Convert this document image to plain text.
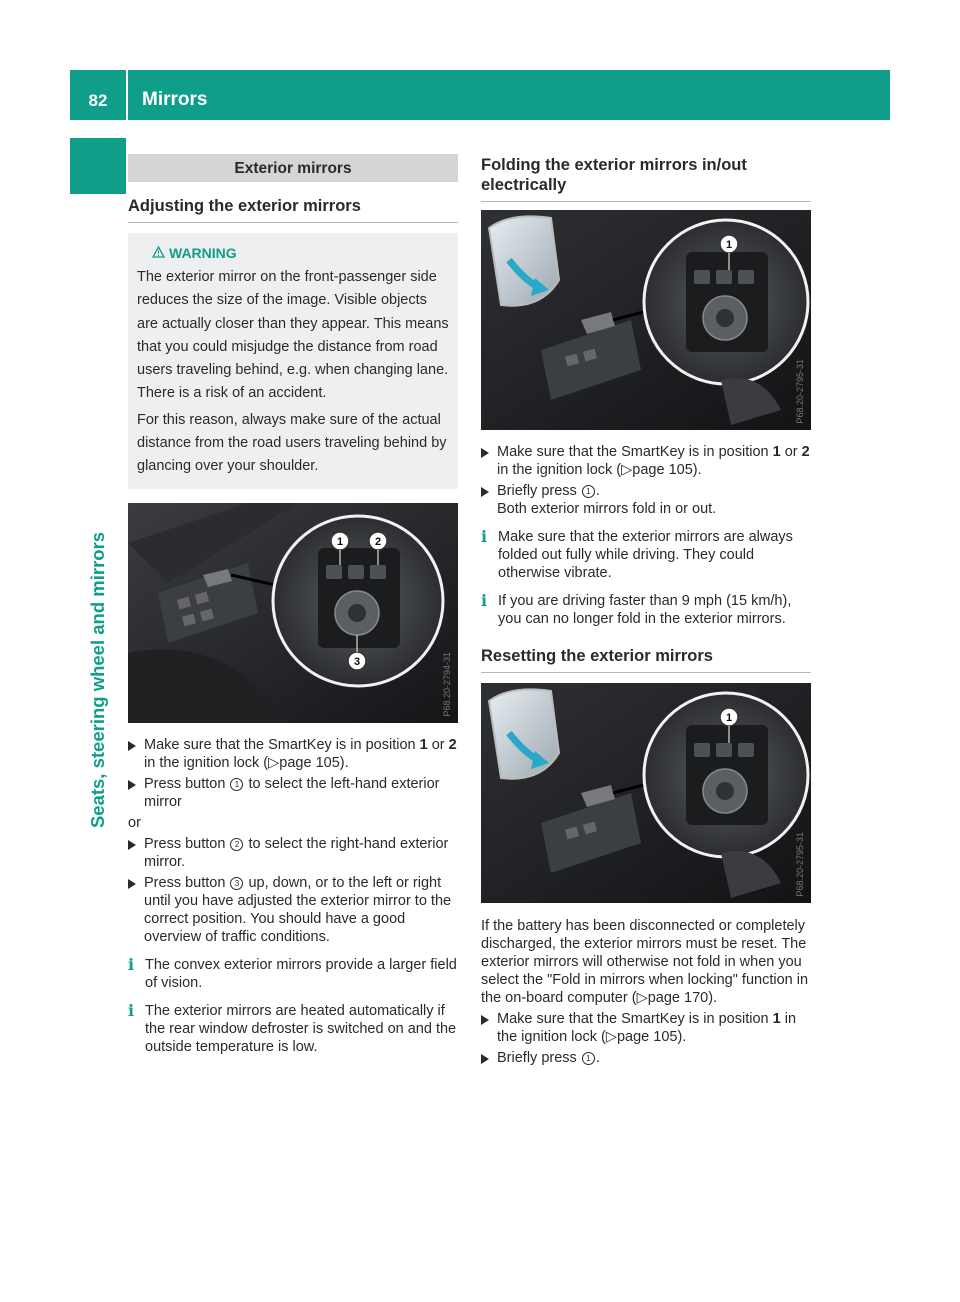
82	Mirrors
Seats, steering wheel and mirrors
Exterior mirrors
Adjusting the exterior mirrors
WARNING

The exterior mirror on the front-passenger side reduces the size of the image. Visible objects are actually closer than they appear. This means that you could misjudge the distance from road users traveling behind, e.g. when changing lane. There is a risk of an accident.

For this reason, always make sure of the actual distance from the road users traveling behind by glancing over your shoulder.

1	2
3	P68.20-2794-31
Make sure that the SmartKey is in position 1 or 2 in the ignition lock (▷page 105).
Press button 1 to select the left-hand exterior mirror
or
Press button 2 to select the right-hand exterior mirror.
Press button 3 up, down, or to the left or right until you have adjusted the exterior mirror to the correct position. You should have a good overview of traffic conditions.
i The convex exterior mirrors provide a larger field of vision.
i The exterior mirrors are heated automatically if the rear window defroster is switched on and the outside temperature is low.
Folding the exterior mirrors in/out electrically
1
P68.20-2795-31
Make sure that the SmartKey is in position 1 or 2 in the ignition lock (▷page 105).
Briefly press 1 .
Both exterior mirrors fold in or out.
i Make sure that the exterior mirrors are always folded out fully while driving. They could otherwise vibrate.
i If you are driving faster than 9 mph (15 km/h), you can no longer fold in the exterior mirrors.
Resetting the exterior mirrors
1
P68.20-2795-31
If the battery has been disconnected or completely discharged, the exterior mirrors must be reset. The exterior mirrors will otherwise not fold in when you select the "Fold in mirrors when locking" function in the on-board computer (▷page 170).
Make sure that the SmartKey is in position 1 in the ignition lock (▷page 105).
Briefly press 1 .
